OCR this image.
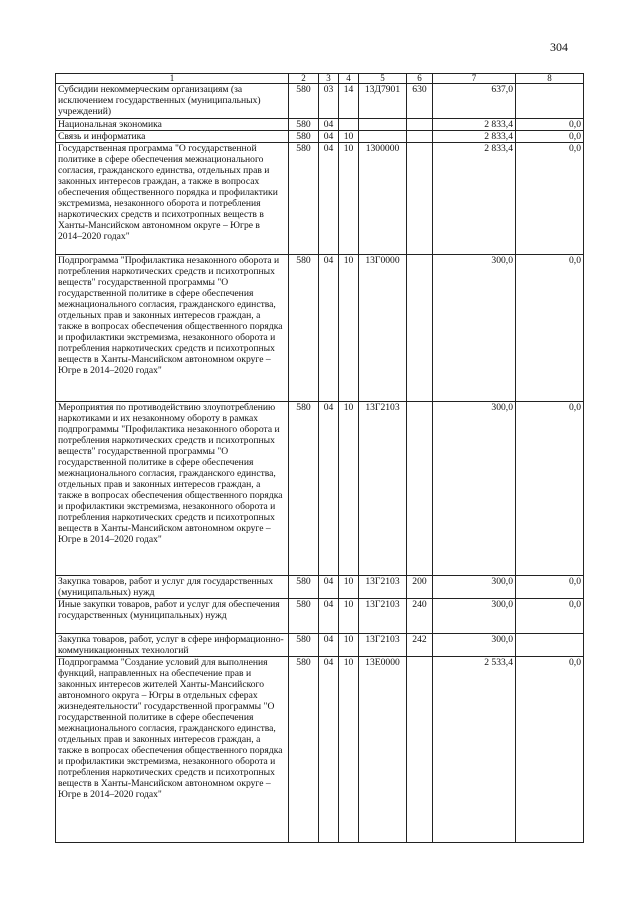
304
1	2	3	4	5	6	7	8
Субсидии некоммерческим организациям (за исключением государственных (муниципальных) учреждений)	580	03	14	13Д7901	630	637,0	
Национальная экономика	580	04				2 833,4	0,0
Связь и информатика	580	04	10			2 833,4	0,0
Государственная программа "О государственной политике в сфере обеспечения межнационального согласия, гражданского единства, отдельных прав и законных интересов граждан, а также в вопросах обеспечения общественного порядка и профилактики экстремизма, незаконного оборота и потребления наркотических средств и психотропных веществ в Ханты-Мансийском автономном округе – Югре в 2014–2020 годах"	580	04	10	1300000		2 833,4	0,0
Подпрограмма "Профилактика незаконного оборота и потребления наркотических средств и психотропных веществ" государственной программы "О государственной политике в сфере обеспечения межнационального согласия, гражданского единства, отдельных прав и законных интересов граждан, а также в вопросах обеспечения общественного порядка и профилактики экстремизма, незаконного оборота и потребления наркотических средств и психотропных веществ в Ханты-Мансийском автономном округе – Югре в 2014–2020 годах"	580	04	10	13Г0000		300,0	0,0
Мероприятия по противодействию злоупотреблению наркотиками и их незаконному обороту в рамках подпрограммы "Профилактика незаконного оборота и потребления наркотических средств и психотропных веществ" государственной программы "О государственной политике в сфере обеспечения межнационального согласия, гражданского единства, отдельных прав и законных интересов граждан, а также в вопросах обеспечения общественного порядка и профилактики экстремизма, незаконного оборота и потребления наркотических средств и психотропных веществ в Ханты-Мансийском автономном округе – Югре в 2014–2020 годах"	580	04	10	13Г2103		300,0	0,0
Закупка товаров, работ и услуг для государственных (муниципальных) нужд	580	04	10	13Г2103	200	300,0	0,0
Иные закупки товаров, работ и услуг для обеспечения государственных (муниципальных) нужд	580	04	10	13Г2103	240	300,0	0,0
Закупка товаров, работ, услуг в сфере информационно-коммуникационных технологий	580	04	10	13Г2103	242	300,0	
Подпрограмма "Создание условий для выполнения функций, направленных на обеспечение прав и законных интересов жителей Ханты-Мансийского автономного округа – Югры в отдельных сферах жизнедеятельности" государственной программы "О государственной политике в сфере обеспечения межнационального согласия, гражданского единства, отдельных прав и законных интересов граждан, а также в вопросах обеспечения общественного порядка и профилактики экстремизма, незаконного оборота и потребления наркотических средств и психотропных веществ в Ханты-Мансийском автономном округе – Югре в 2014–2020 годах"	580	04	10	13Е0000		2 533,4	0,0
